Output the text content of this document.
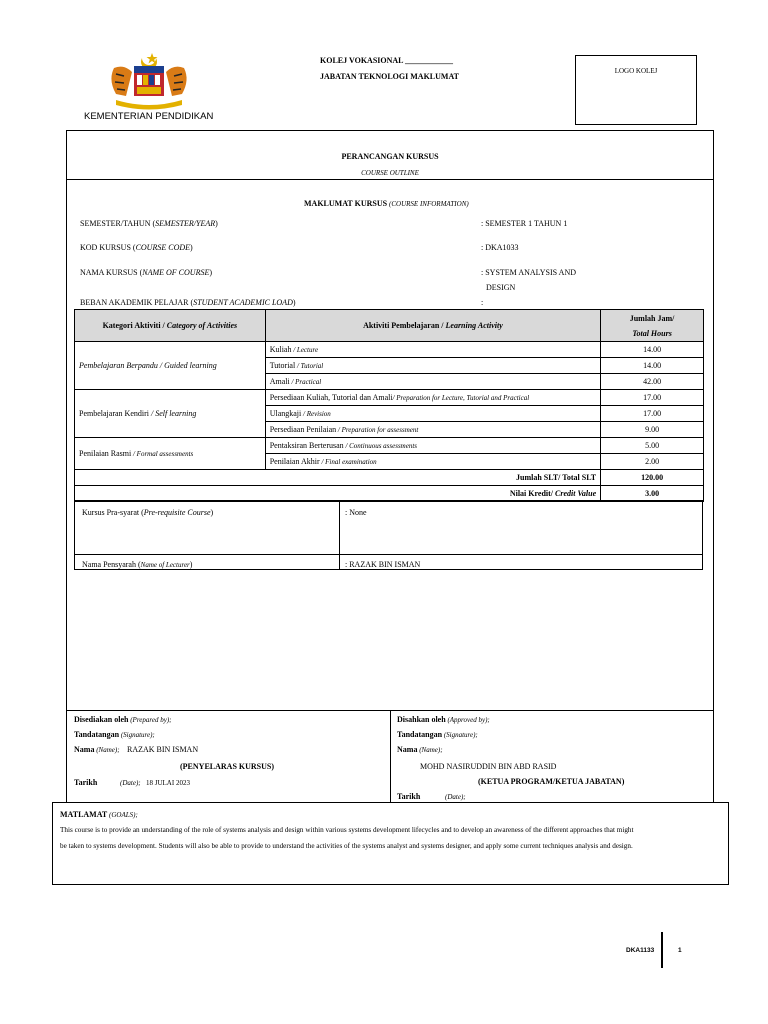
KEMENTERIAN PENDIDIKAN
KOLEJ VOKASIONAL ____________
JABATAN TEKNOLOGI MAKLUMAT
LOGO KOLEJ
PERANCANGAN KURSUS
COURSE OUTLINE
MAKLUMAT KURSUS (COURSE INFORMATION)
SEMESTER/TAHUN (SEMESTER/YEAR)	: SEMESTER 1 TAHUN 1
KOD KURSUS (COURSE CODE)	: DKA1033
NAMA KURSUS (NAME OF COURSE)	: SYSTEM ANALYSIS AND
DESIGN
BEBAN AKADEMIK PELAJAR (STUDENT ACADEMIC LOAD)	:
Kategori Aktiviti / Category of Activities	Aktiviti Pembelajaran / Learning Activity	Jumlah Jam/
Total Hours

Pembelajaran Berpandu / Guided learning	Kuliah / Lecture	14.00
	Tutorial / Tutorial	14.00
	Amali / Practical	42.00
Pembelajaran Kendiri / Self learning	Persediaan Kuliah, Tutorial dan Amali/ Preparation for Lecture, Tutorial and Practical	17.00
	Ulangkaji / Revision	17.00
	Persediaan Penilaian / Preparation for assessment	9.00
Penilaian Rasmi / Formal assessments	Pentaksiran Berterusan / Continuous assessments	5.00
	Penilaian Akhir / Final examination	2.00
Jumlah SLT/ Total SLT		120.00
Nilai Kredit/ Credit Value		3.00
Kursus Pra-syarat (Pre-requisite Course)	: None
Nama Pensyarah (Name of Lecturer)	: RAZAK BIN ISMAN
Disediakan oleh (Prepared by);
Tandatangan (Signature);
Nama (Name); RAZAK BIN ISMAN
(PENYELARAS KURSUS)
Tarikh	(Date); 18 JULAI 2023
Disahkan oleh (Approved by);
Tandatangan (Signature);
Nama (Name);
MOHD NASIRUDDIN BIN ABD RASID
(KETUA PROGRAM/KETUA JABATAN)
Tarikh	(Date);
MATLAMAT (GOALS);
This course is to provide an understanding of the role of systems analysis and design within various systems development lifecycles and to develop an awareness of the different approaches that might
be taken to systems development. Students will also be able to provide to understand the activities of the systems analyst and systems designer, and apply some current techniques analysis and design.
DKA1133	1
